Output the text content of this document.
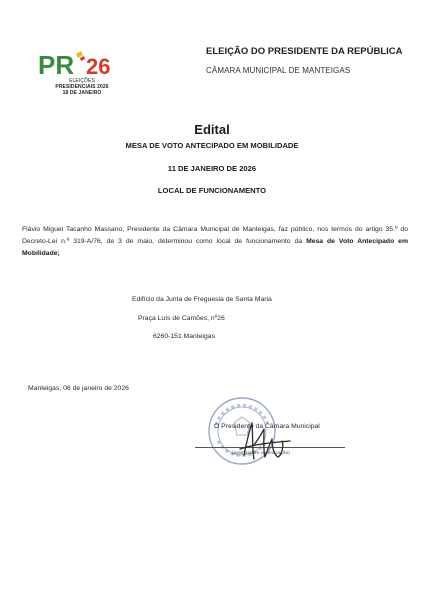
PR 26
ELEIÇÕES
PRESIDENCIAIS 2026
18 DE JANEIRO
ELEIÇÃO DO PRESIDENTE DA REPÚBLICA
CÂMARA MUNICIPAL DE MANTEIGAS
Edital
MESA DE VOTO ANTECIPADO EM MOBILIDADE
11 DE JANEIRO DE 2026
LOCAL DE FUNCIONAMENTO
Flávio Miguel Tacanho Massano, Presidente da Câmara Municipal de Manteigas, faz público, nos termos do artigo 35.º do Decreto-Lei n.º 319-A/76, de 3 de maio, determinou como local de funcionamento da Mesa de Voto Antecipado em Mobilidade;
Edifício da Junta de Freguesia de Santa Maria
Praça Luís de Camões, nº26
6260-151 Manteigas
Manteigas, 06 de janeiro de 2026
O Presidente da Câmara Municipal
(assinatura e autenticação)
